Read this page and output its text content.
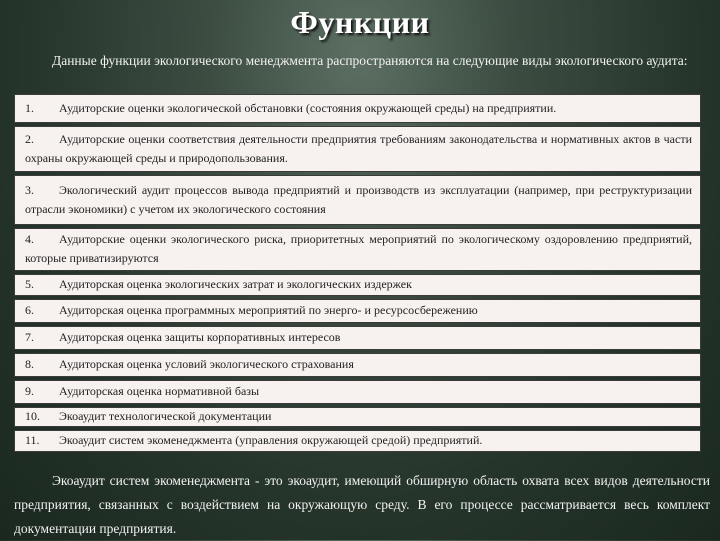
Функции
Данные функции экологического менеджмента распространяются на следующие виды экологического аудита:
1. Аудиторские оценки экологической обстановки (состояния окружающей среды) на предприятии.
2. Аудиторские оценки соответствия деятельности предприятия требованиям законодательства и нормативных актов в части охраны окружающей среды и природопользования.
3. Экологический аудит процессов вывода предприятий и производств из эксплуатации (например, при реструктуризации отрасли экономики) с учетом их экологического состояния
4. Аудиторские оценки экологического риска, приоритетных мероприятий по экологическому оздоровлению предприятий, которые приватизируются
5. Аудиторская оценка экологических затрат и экологических издержек
6. Аудиторская оценка программных мероприятий по энерго- и ресурсосбережению
7. Аудиторская оценка защиты корпоративных интересов
8. Аудиторская оценка условий экологического страхования
9. Аудиторская оценка нормативной базы
10. Экоаудит технологической документации
11. Экоаудит систем экоменеджмента (управления окружающей средой) предприятий.
Экоаудит систем экоменеджмента - это экоаудит, имеющий обширную область охвата всех видов деятельности предприятия, связанных с воздействием на окружающую среду. В его процессе рассматривается весь комплект документации предприятия.
